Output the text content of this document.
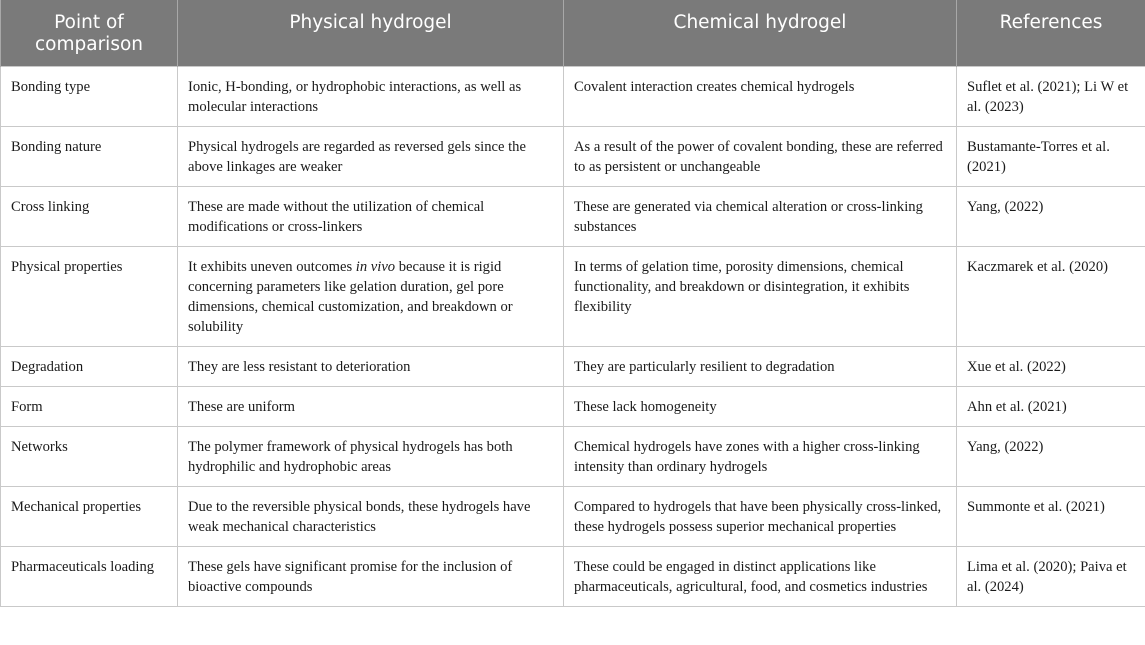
Point of comparison	Physical hydrogel	Chemical hydrogel	References
Bonding type	Ionic, H-bonding, or hydrophobic interactions, as well as molecular interactions	Covalent interaction creates chemical hydrogels	Suflet et al. (2021); Li W et al. (2023)
Bonding nature	Physical hydrogels are regarded as reversed gels since the above linkages are weaker	As a result of the power of covalent bonding, these are referred to as persistent or unchangeable	Bustamante-Torres et al. (2021)
Cross linking	These are made without the utilization of chemical modifications or cross-linkers	These are generated via chemical alteration or cross-linking substances	Yang, (2022)
Physical properties	It exhibits uneven outcomes in vivo because it is rigid concerning parameters like gelation duration, gel pore dimensions, chemical customization, and breakdown or solubility	In terms of gelation time, porosity dimensions, chemical functionality, and breakdown or disintegration, it exhibits flexibility	Kaczmarek et al. (2020)
Degradation	They are less resistant to deterioration	They are particularly resilient to degradation	Xue et al. (2022)
Form	These are uniform	These lack homogeneity	Ahn et al. (2021)
Networks	The polymer framework of physical hydrogels has both hydrophilic and hydrophobic areas	Chemical hydrogels have zones with a higher cross-linking intensity than ordinary hydrogels	Yang, (2022)
Mechanical properties	Due to the reversible physical bonds, these hydrogels have weak mechanical characteristics	Compared to hydrogels that have been physically cross-linked, these hydrogels possess superior mechanical properties	Summonte et al. (2021)
Pharmaceuticals loading	These gels have significant promise for the inclusion of bioactive compounds	These could be engaged in distinct applications like pharmaceuticals, agricultural, food, and cosmetics industries	Lima et al. (2020); Paiva et al. (2024)
